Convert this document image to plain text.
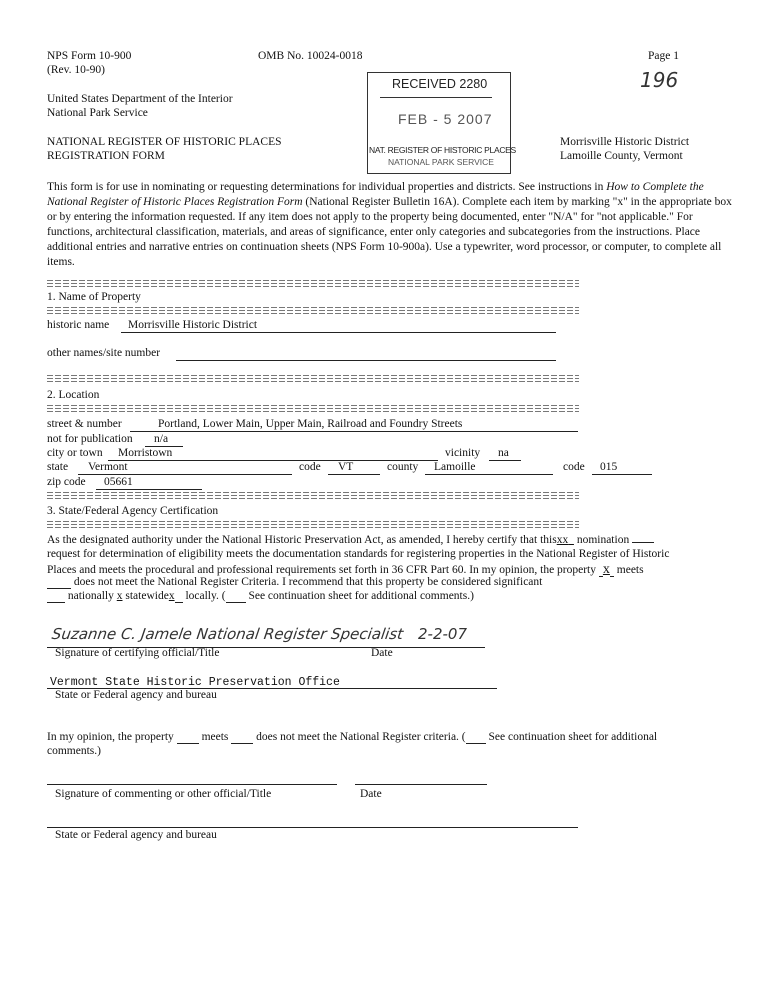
NPS Form 10-900
(Rev. 10-90)
OMB No. 10024-0018	Page 1
196
United States Department of the Interior
National Park Service
NATIONAL REGISTER OF HISTORIC PLACES
REGISTRATION FORM
Morrisville Historic District
Lamoille County, Vermont
RECEIVED 2280
FEB - 5 2007
NAT. REGISTER OF HISTORIC PLACES
NATIONAL PARK SERVICE
This form is for use in nominating or requesting determinations for individual properties and districts. See instructions in How to Complete the National Register of Historic Places Registration Form (National Register Bulletin 16A). Complete each item by marking "x" in the appropriate box or by entering the information requested. If any item does not apply to the property being documented, enter "N/A" for "not applicable." For functions, architectural classification, materials, and areas of significance, enter only categories and subcategories from the instructions. Place additional entries and narrative entries on continuation sheets (NPS Form 10-900a). Use a typewriter, word processor, or computer, to complete all items.
1. Name of Property
historic name Morrisville Historic District
other names/site number
2. Location
street & number	Portland, Lower Main, Upper Main, Railroad and Foundry Streets
not for publication n/a
city or town Morristown	vicinity na
state Vermont	code VT	county Lamoille	code 015
zip code 05661
3. State/Federal Agency Certification
As the designated authority under the National Historic Preservation Act, as amended, I hereby certify that thisxx   nomination
request for determination of eligibility meets the documentation standards for registering properties in the National Register of Historic
Places and meets the procedural and professional requirements set forth in 36 CFR Part 60. In my opinion, the property x  meets
does not meet the National Register Criteria. I recommend that this property be considered significant
nationally x statewidex  locally. (  See continuation sheet for additional comments.)
Suzanne C. Jamele National Register Specialist 2-2-07
Signature of certifying official/Title	Date
Vermont State Historic Preservation Office
State or Federal agency and bureau
In my opinion, the property   meets   does not meet the National Register criteria. (  See continuation sheet for additional
comments.)
Signature of commenting or other official/Title	Date
State or Federal agency and bureau
